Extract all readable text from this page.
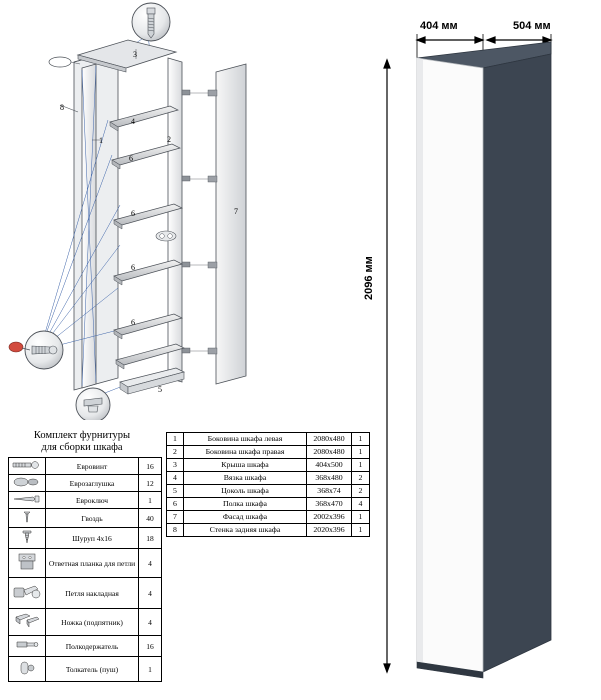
1	2
3
4
5
6
6
6
6
7
8
Комплект фурнитуры
для сборки шкафа
	Евровинт	16
	Еврозаглушка	12
	Евроключ	1
	Гвоздь	40
	Шуруп 4х16	18
	Ответная планка для петли	4
	Петля накладная	4
	Ножка (подпятник)	4
	Полкодержатель	16
	Толкатель (пуш)	1
1	Боковина шкафа левая	2080х480	1
2	Боковина шкафа правая	2080х480	1
3	Крыша шкафа	404х500	1
4	Вязка шкафа	368х480	2
5	Цоколь шкафа	368х74	2
6	Полка шкафа	368х470	4
7	Фасад шкафа	2002х396	1
8	Стенка задняя шкафа	2020х396	1
404 мм	504 мм
2096 мм
